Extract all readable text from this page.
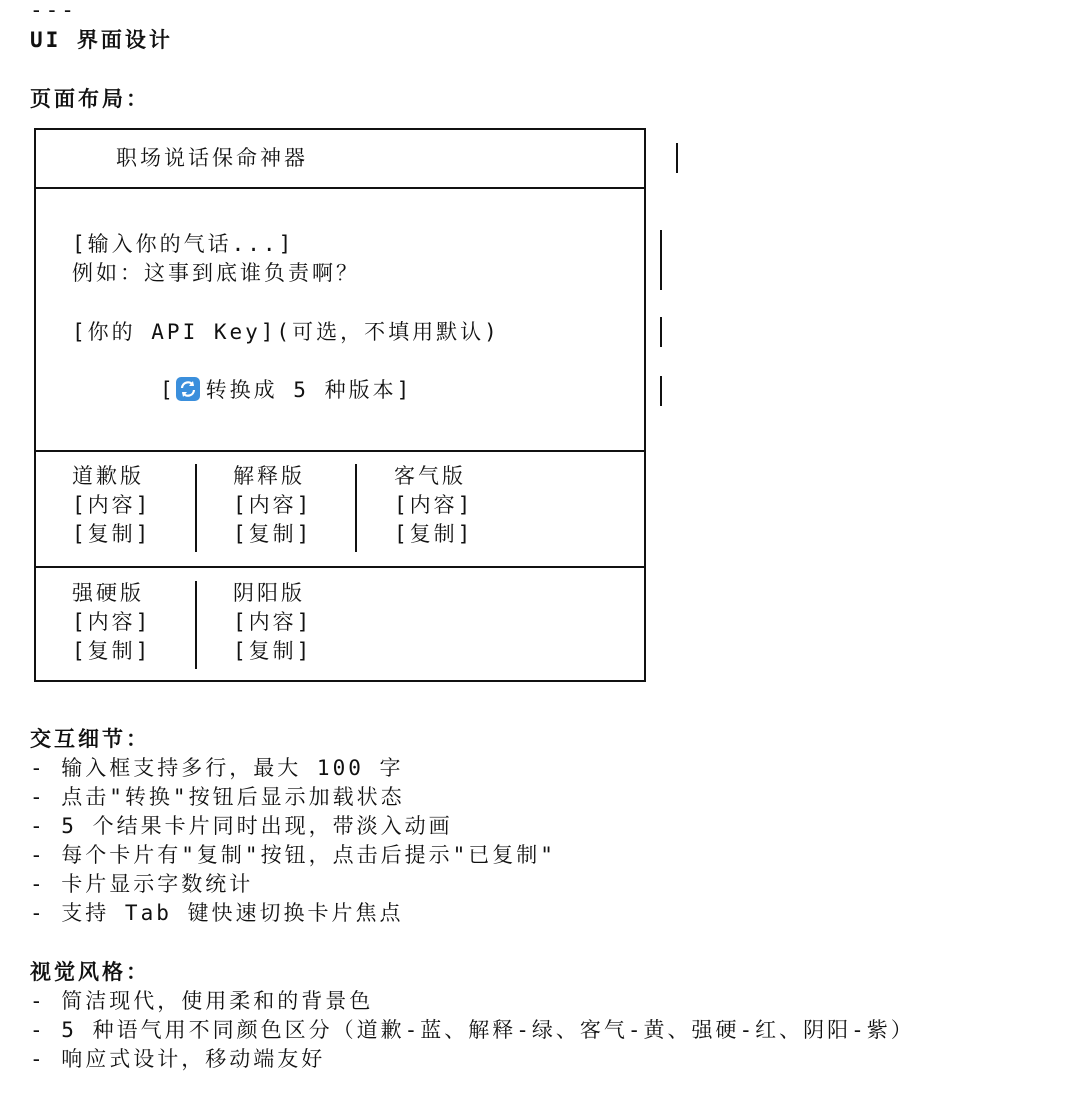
---
UI 界面设计
页面布局：
职场说话保命神器
[输入你的气话...]
例如：这事到底谁负责啊？
[你的 API Key](可选，不填用默认)
[ 转换成 5 种版本]
道歉版
[内容]
[复制]
解释版
[内容]
[复制]
客气版
[内容]
[复制]
强硬版
[内容]
[复制]
阴阳版
[内容]
[复制]
交互细节：
- 输入框支持多行，最大 100 字
- 点击"转换"按钮后显示加载状态
- 5 个结果卡片同时出现，带淡入动画
- 每个卡片有"复制"按钮，点击后提示"已复制"
- 卡片显示字数统计
- 支持 Tab 键快速切换卡片焦点
视觉风格：
- 简洁现代，使用柔和的背景色
- 5 种语气用不同颜色区分（道歉-蓝、解释-绿、客气-黄、强硬-红、阴阳-紫）
- 响应式设计，移动端友好
